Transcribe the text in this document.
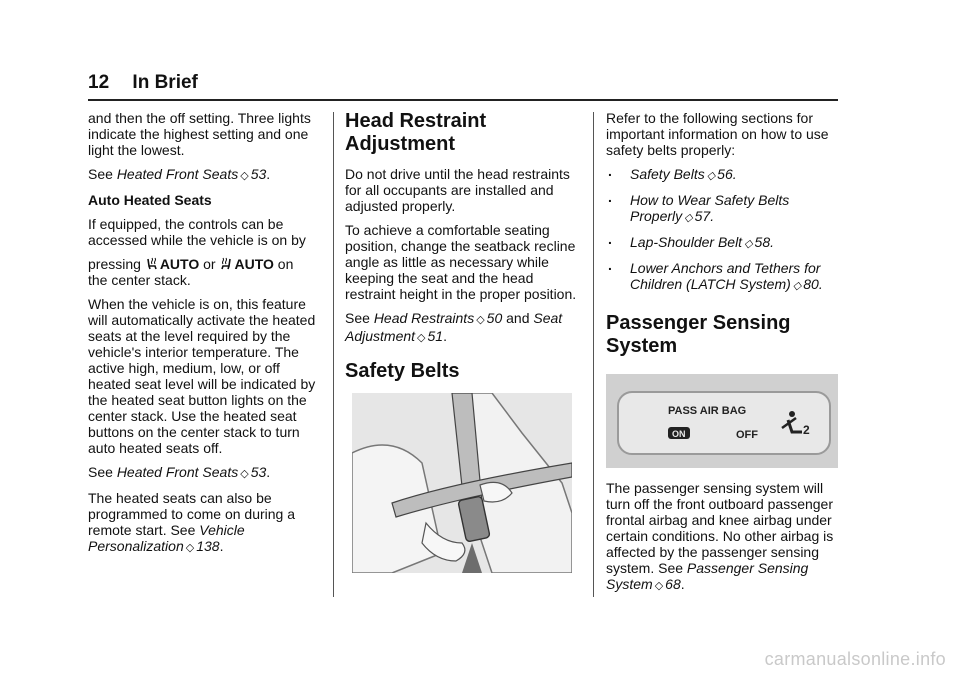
12 In Brief

and then the off setting. Three lights indicate the highest setting and one light the lowest.

See Heated Front Seats ◇ 53.

Auto Heated Seats

If equipped, the controls can be accessed while the vehicle is on by

pressing AUTO or AUTO on
the center stack.

When the vehicle is on, this feature will automatically activate the heated seats at the level required by the vehicle's interior temperature. The active high, medium, low, or off heated seat level will be indicated by the heated seat button lights on the center stack. Use the heated seat buttons on the center stack to turn auto heated seats off.

See Heated Front Seats ◇ 53.

The heated seats can also be programmed to come on during a remote start. See Vehicle Personalization ◇ 138.

Head Restraint Adjustment

Do not drive until the head restraints for all occupants are installed and adjusted properly.

To achieve a comfortable seating position, change the seatback recline angle as little as necessary while keeping the seat and the head restraint height in the proper position.

See Head Restraints ◇ 50 and Seat Adjustment ◇ 51.

Safety Belts

Refer to the following sections for important information on how to use safety belts properly:

. Safety Belts ◇ 56.
. How to Wear Safety Belts Properly ◇ 57.
. Lap-Shoulder Belt ◇ 58.
. Lower Anchors and Tethers for Children (LATCH System) ◇ 80.
Passenger Sensing System
PASS AIR BAG
ON	OFF	2

The passenger sensing system will turn off the front outboard passenger frontal airbag and knee airbag under certain conditions. No other airbag is affected by the passenger sensing system. See Passenger Sensing System ◇ 68.

carmanualsonline.info
